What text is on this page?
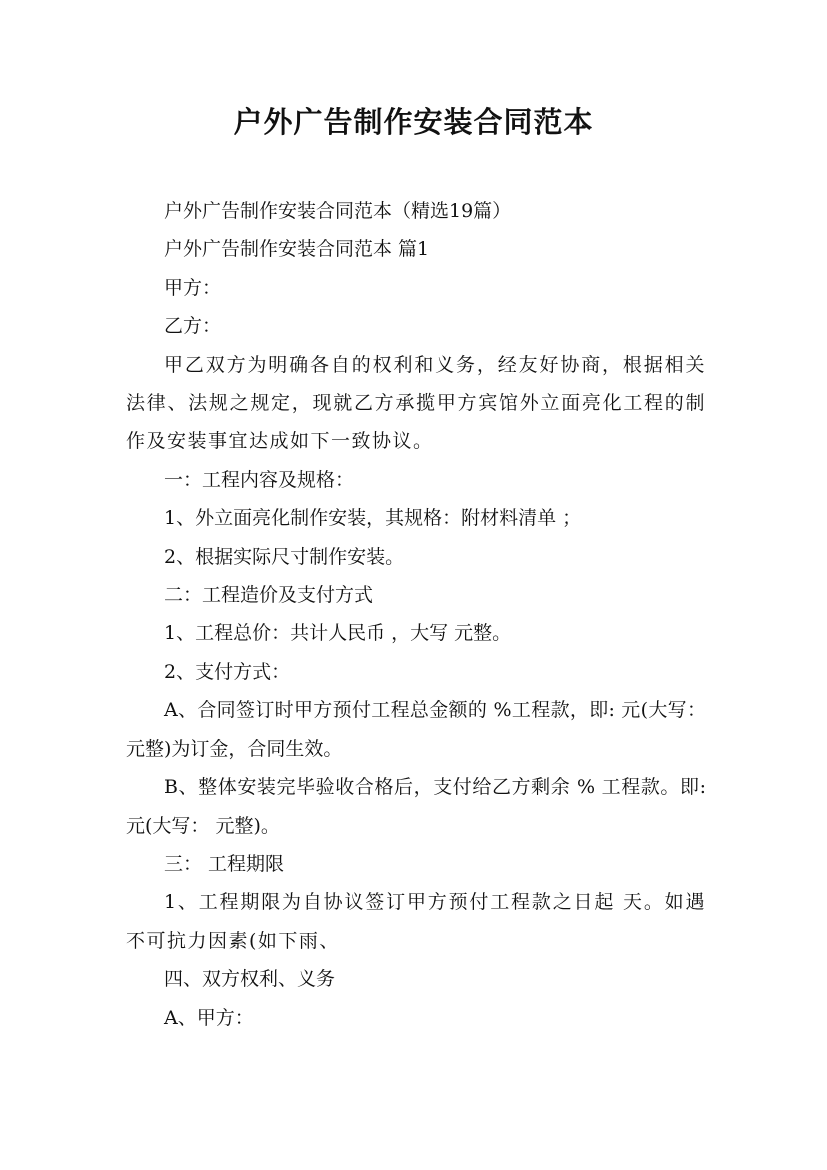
户外广告制作安装合同范本

户外广告制作安装合同范本（精选19篇）

户外广告制作安装合同范本 篇1

甲方：

乙方：

甲乙双方为明确各自的权利和义务，经友好协商，根据相关法律、法规之规定，现就乙方承揽甲方宾馆外立面亮化工程的制作及安装事宜达成如下一致协议。

一：工程内容及规格：

1、外立面亮化制作安装，其规格：附材料清单 ；

2、根据实际尺寸制作安装。

二：工程造价及支付方式

1、工程总价：共计人民币 ，大写 元整。

2、支付方式：

A、合同签订时甲方预付工程总金额的 %工程款，即: 元(大写： 元整)为订金，合同生效。

B、整体安装完毕验收合格后，支付给乙方剩余 % 工程款。即: 元(大写： 元整)。

三： 工程期限

1、工程期限为自协议签订甲方预付工程款之日起 天。如遇不可抗力因素(如下雨、

四、双方权利、义务

A、甲方：
